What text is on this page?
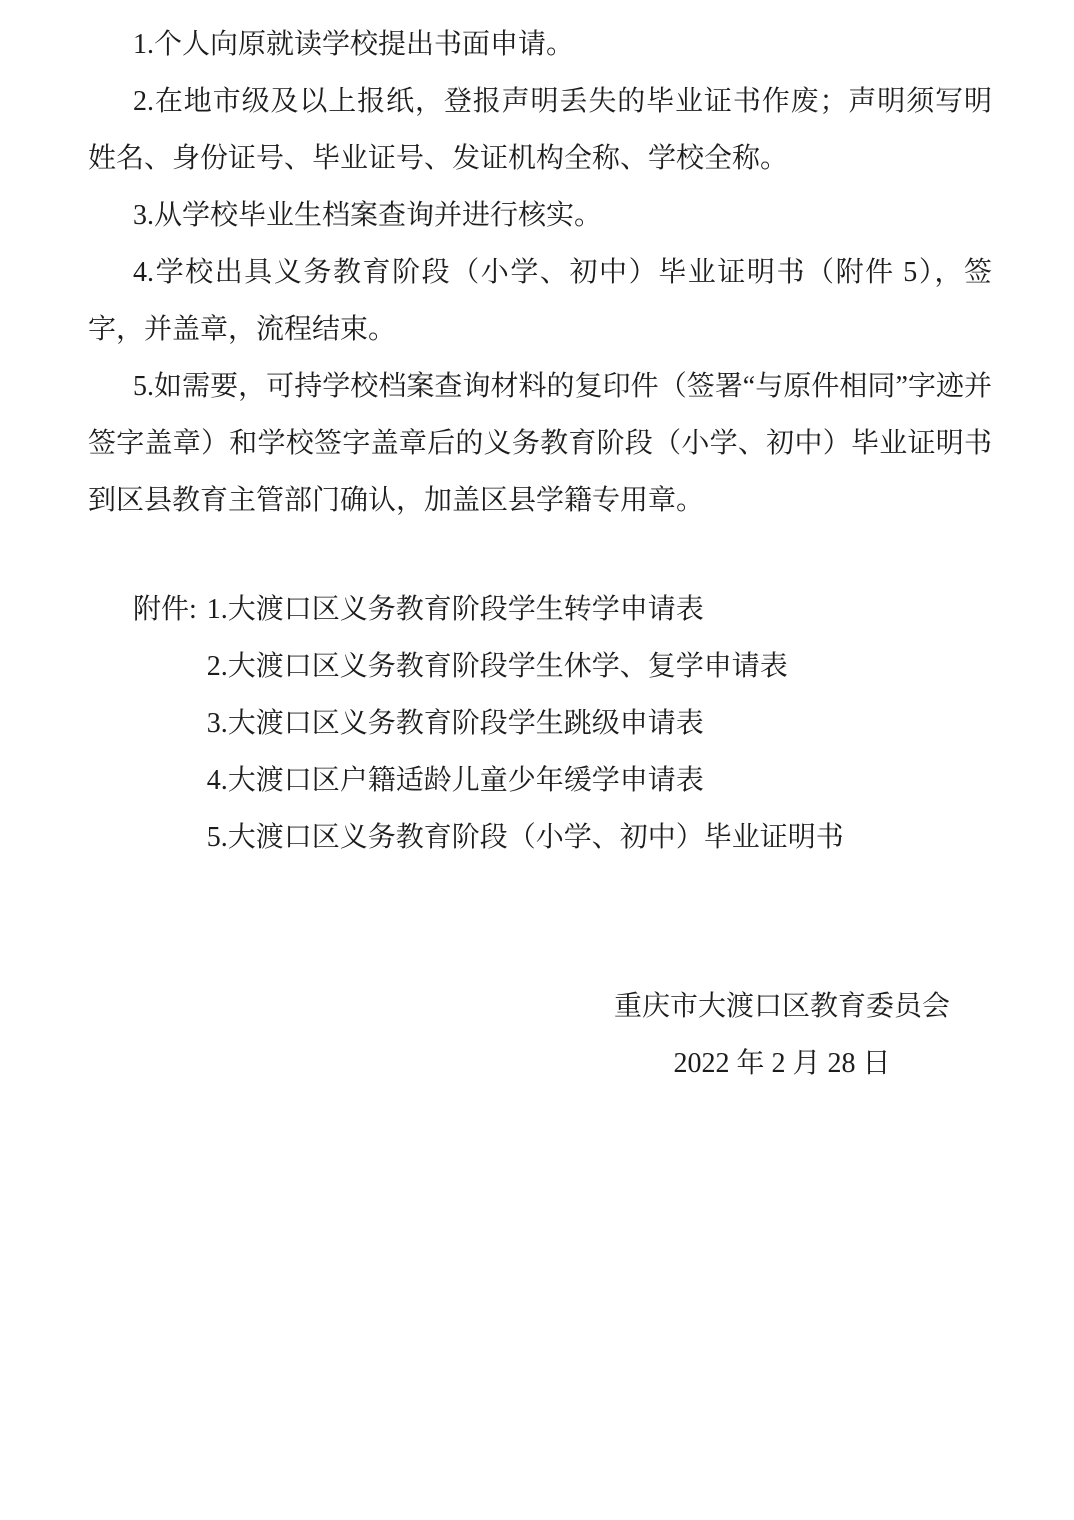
1.个人向原就读学校提出书面申请。

2.在地市级及以上报纸，登报声明丢失的毕业证书作废；声明须写明姓名、身份证号、毕业证号、发证机构全称、学校全称。

3.从学校毕业生档案查询并进行核实。

4.学校出具义务教育阶段（小学、初中）毕业证明书（附件 5），签字，并盖章，流程结束。

5.如需要，可持学校档案查询材料的复印件（签署“与原件相同”字迹并签字盖章）和学校签字盖章后的义务教育阶段（小学、初中）毕业证明书到区县教育主管部门确认，加盖区县学籍专用章。

附件: 1.大渡口区义务教育阶段学生转学申请表
2.大渡口区义务教育阶段学生休学、复学申请表
3.大渡口区义务教育阶段学生跳级申请表
4.大渡口区户籍适龄儿童少年缓学申请表
5.大渡口区义务教育阶段（小学、初中）毕业证明书
重庆市大渡口区教育委员会
2022 年 2 月 28 日
